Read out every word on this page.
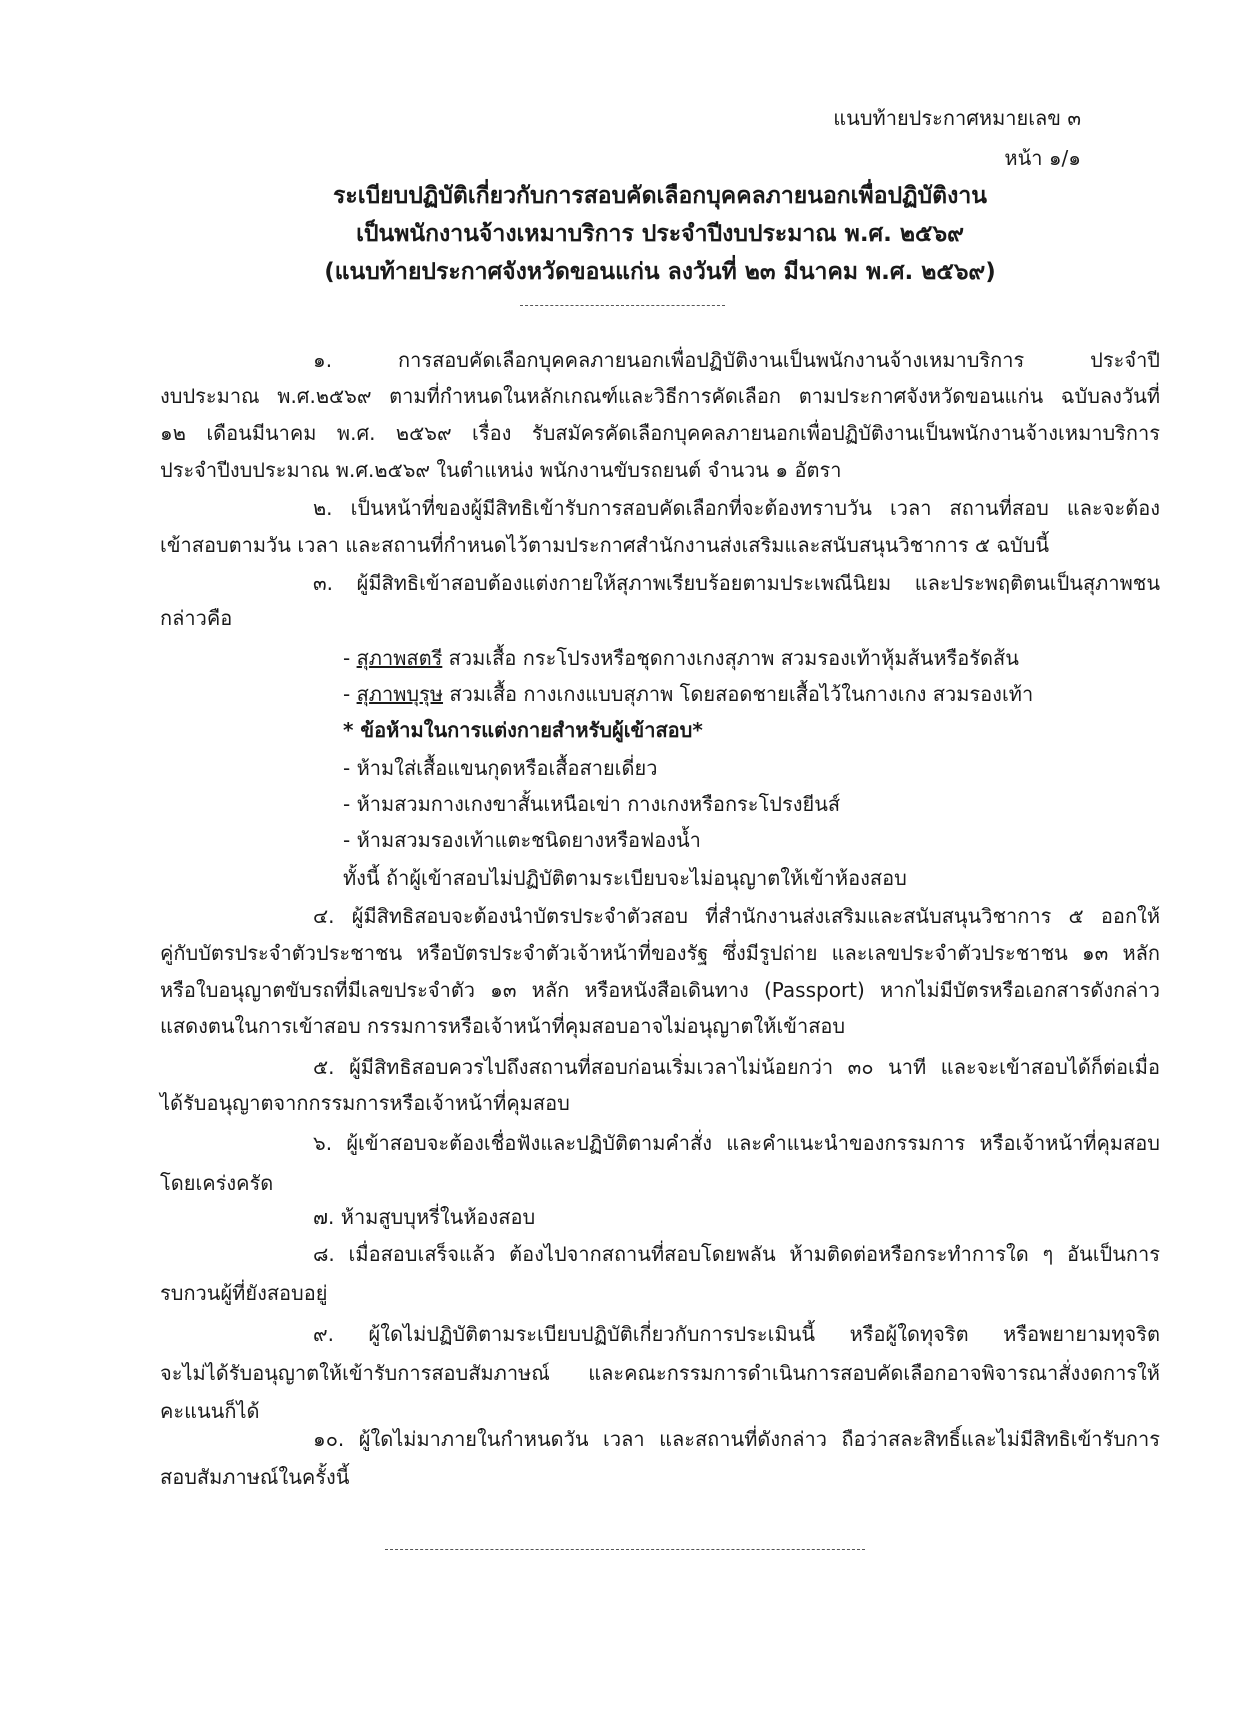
แนบท้ายประกาศหมายเลข ๓
หน้า ๑/๑
ระเบียบปฏิบัติเกี่ยวกับการสอบคัดเลือกบุคคลภายนอกเพื่อปฏิบัติงาน
เป็นพนักงานจ้างเหมาบริการ ประจำปีงบประมาณ พ.ศ. ๒๕๖๙
(แนบท้ายประกาศจังหวัดขอนแก่น ลงวันที่ ๒๓ มีนาคม พ.ศ. ๒๕๖๙)
๑. การสอบคัดเลือกบุคคลภายนอกเพื่อปฏิบัติงานเป็นพนักงานจ้างเหมาบริการ ประจำปี
งบประมาณ พ.ศ.๒๕๖๙ ตามที่กำหนดในหลักเกณฑ์และวิธีการคัดเลือก ตามประกาศจังหวัดขอนแก่น ฉบับลงวันที่
๑๒ เดือนมีนาคม พ.ศ. ๒๕๖๙ เรื่อง รับสมัครคัดเลือกบุคคลภายนอกเพื่อปฏิบัติงานเป็นพนักงานจ้างเหมาบริการ
ประจำปีงบประมาณ พ.ศ.๒๕๖๙ ในตำแหน่ง พนักงานขับรถยนต์ จำนวน ๑ อัตรา
๒. เป็นหน้าที่ของผู้มีสิทธิเข้ารับการสอบคัดเลือกที่จะต้องทราบวัน เวลา สถานที่สอบ และจะต้อง
เข้าสอบตามวัน เวลา และสถานที่กำหนดไว้ตามประกาศสำนักงานส่งเสริมและสนับสนุนวิชาการ ๕ ฉบับนี้
๓. ผู้มีสิทธิเข้าสอบต้องแต่งกายให้สุภาพเรียบร้อยตามประเพณีนิยม และประพฤติตนเป็นสุภาพชน
กล่าวคือ
- สุภาพสตรี สวมเสื้อ กระโปรงหรือชุดกางเกงสุภาพ สวมรองเท้าหุ้มส้นหรือรัดส้น
- สุภาพบุรุษ สวมเสื้อ กางเกงแบบสุภาพ โดยสอดชายเสื้อไว้ในกางเกง สวมรองเท้า
* ข้อห้ามในการแต่งกายสำหรับผู้เข้าสอบ*
- ห้ามใส่เสื้อแขนกุดหรือเสื้อสายเดี่ยว
- ห้ามสวมกางเกงขาสั้นเหนือเข่า กางเกงหรือกระโปรงยีนส์
- ห้ามสวมรองเท้าแตะชนิดยางหรือฟองน้ำ
ทั้งนี้ ถ้าผู้เข้าสอบไม่ปฏิบัติตามระเบียบจะไม่อนุญาตให้เข้าห้องสอบ
๔. ผู้มีสิทธิสอบจะต้องนำบัตรประจำตัวสอบ ที่สำนักงานส่งเสริมและสนับสนุนวิชาการ ๕ ออกให้
คู่กับบัตรประจำตัวประชาชน หรือบัตรประจำตัวเจ้าหน้าที่ของรัฐ ซึ่งมีรูปถ่าย และเลขประจำตัวประชาชน ๑๓ หลัก
หรือใบอนุญาตขับรถที่มีเลขประจำตัว ๑๓ หลัก หรือหนังสือเดินทาง (Passport) หากไม่มีบัตรหรือเอกสารดังกล่าว
แสดงตนในการเข้าสอบ กรรมการหรือเจ้าหน้าที่คุมสอบอาจไม่อนุญาตให้เข้าสอบ
๕. ผู้มีสิทธิสอบควรไปถึงสถานที่สอบก่อนเริ่มเวลาไม่น้อยกว่า ๓๐ นาที และจะเข้าสอบได้ก็ต่อเมื่อ
ได้รับอนุญาตจากกรรมการหรือเจ้าหน้าที่คุมสอบ
๖. ผู้เข้าสอบจะต้องเชื่อฟังและปฏิบัติตามคำสั่ง และคำแนะนำของกรรมการ หรือเจ้าหน้าที่คุมสอบ
โดยเคร่งครัด
๗. ห้ามสูบบุหรี่ในห้องสอบ
๘. เมื่อสอบเสร็จแล้ว ต้องไปจากสถานที่สอบโดยพลัน ห้ามติดต่อหรือกระทำการใด ๆ อันเป็นการ
รบกวนผู้ที่ยังสอบอยู่
๙. ผู้ใดไม่ปฏิบัติตามระเบียบปฏิบัติเกี่ยวกับการประเมินนี้ หรือผู้ใดทุจริต หรือพยายามทุจริต
จะไม่ได้รับอนุญาตให้เข้ารับการสอบสัมภาษณ์ และคณะกรรมการดำเนินการสอบคัดเลือกอาจพิจารณาสั่งงดการให้
คะแนนก็ได้
๑๐. ผู้ใดไม่มาภายในกำหนดวัน เวลา และสถานที่ดังกล่าว ถือว่าสละสิทธิ์และไม่มีสิทธิเข้ารับการ
สอบสัมภาษณ์ในครั้งนี้
